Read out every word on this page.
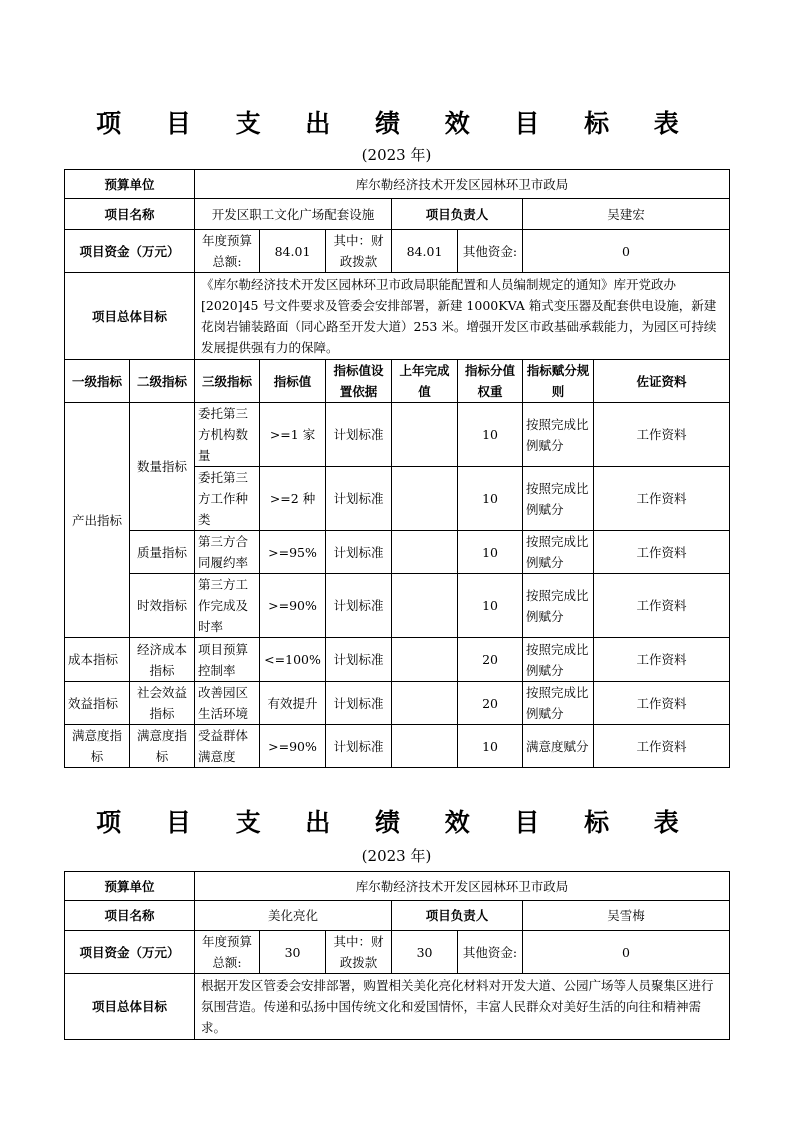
项 目 支 出 绩 效 目 标 表
(2023 年)
预算单位		库尔勒经济技术开发区园林环卫市政局						
项目名称		开发区职工文化广场配套设施			项目负责人		吴建宏	
项目资金（万元）		年度预算总额:	84.01	其中：财政拨款	84.01	其他资金:	0	
项目总体目标		《库尔勒经济技术开发区园林环卫市政局职能配置和人员编制规定的通知》库开党政办[2020]45 号文件要求及管委会安排部署，新建 1000KVA 箱式变压器及配套供电设施，新建花岗岩铺装路面（同心路至开发大道）253 米。增强开发区市政基础承载能力，为园区可持续发展提供强有力的保障。						
一级指标	二级指标	三级指标	指标值	指标值设置依据	上年完成值	指标分值权重	指标赋分规则	佐证资料
产出指标	数量指标	委托第三方机构数量	>=1 家	计划标准		10	按照完成比例赋分	工作资料
		委托第三方工作种类	>=2 种	计划标准		10	按照完成比例赋分	工作资料
	质量指标	第三方合同履约率	>=95%	计划标准		10	按照完成比例赋分	工作资料
	时效指标	第三方工作完成及时率	>=90%	计划标准		10	按照完成比例赋分	工作资料
成本指标	经济成本指标	项目预算控制率	<=100%	计划标准		20	按照完成比例赋分	工作资料
效益指标	社会效益指标	改善园区生活环境	有效提升	计划标准		20	按照完成比例赋分	工作资料
满意度指标	满意度指标	受益群体满意度	>=90%	计划标准		10	满意度赋分	工作资料
项 目 支 出 绩 效 目 标 表
(2023 年)
预算单位	库尔勒经济技术开发区园林环卫市政局					
项目名称	美化亮化			项目负责人		吴雪梅
项目资金（万元）	年度预算总额:	30	其中：财政拨款	30	其他资金:	0
项目总体目标	根据开发区管委会安排部署，购置相关美化亮化材料对开发大道、公园广场等人员聚集区进行氛围营造。传递和弘扬中国传统文化和爱国情怀，丰富人民群众对美好生活的向往和精神需求。					
